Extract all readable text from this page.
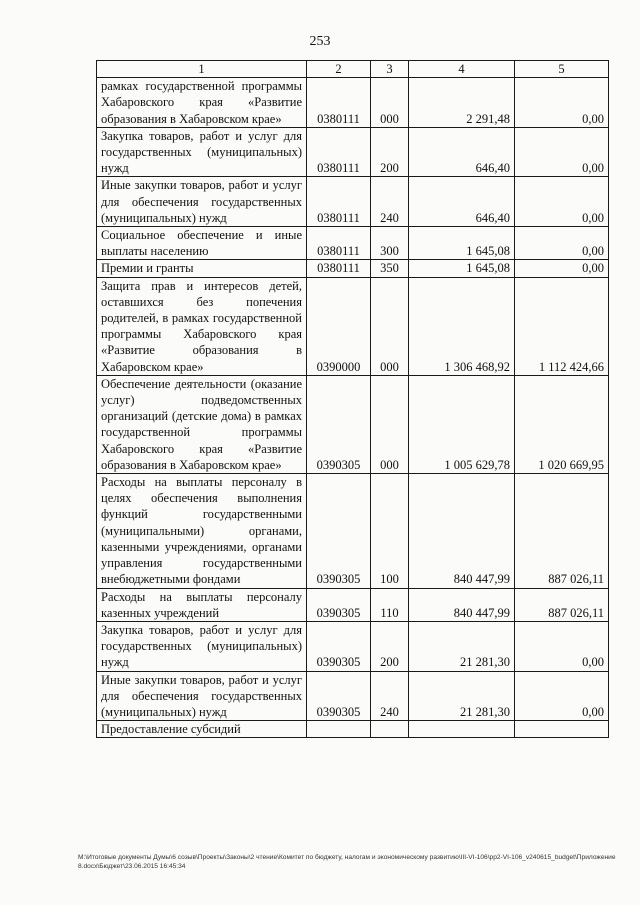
253
1	2	3	4	5
рамках государственной программы Хабаровского края «Развитие образования в Хабаровском крае»	0380111	000	2 291,48	0,00
Закупка товаров, работ и услуг для государственных (муниципальных) нужд	0380111	200	646,40	0,00
Иные закупки товаров, работ и услуг для обеспечения государственных (муниципальных) нужд	0380111	240	646,40	0,00
Социальное обеспечение и иные выплаты населению	0380111	300	1 645,08	0,00
Премии и гранты	0380111	350	1 645,08	0,00
Защита прав и интересов детей, оставшихся без попечения родителей, в рамках государственной программы Хабаровского края «Развитие образования в Хабаровском крае»	0390000	000	1 306 468,92	1 112 424,66
Обеспечение деятельности (оказание услуг) подведомственных организаций (детские дома) в рамках государственной программы Хабаровского края «Развитие образования в Хабаровском крае»	0390305	000	1 005 629,78	1 020 669,95
Расходы на выплаты персоналу в целях обеспечения выполнения функций государственными (муниципальными) органами, казенными учреждениями, органами управления государственными внебюджетными фондами	0390305	100	840 447,99	887 026,11
Расходы на выплаты персоналу казенных учреждений	0390305	110	840 447,99	887 026,11
Закупка товаров, работ и услуг для государственных (муниципальных) нужд	0390305	200	21 281,30	0,00
Иные закупки товаров, работ и услуг для обеспечения государственных (муниципальных) нужд	0390305	240	21 281,30	0,00
Предоставление субсидий				
M:\Итоговые документы Думы\6 созыв\Проекты\Законы\2 чтение\Комитет по бюджету, налогам и экономическому развитию\III-VI-106\pp2-VI-106_v240615_budget\Приложение8.docx\Бюджет\23.06.2015 16:45:34
